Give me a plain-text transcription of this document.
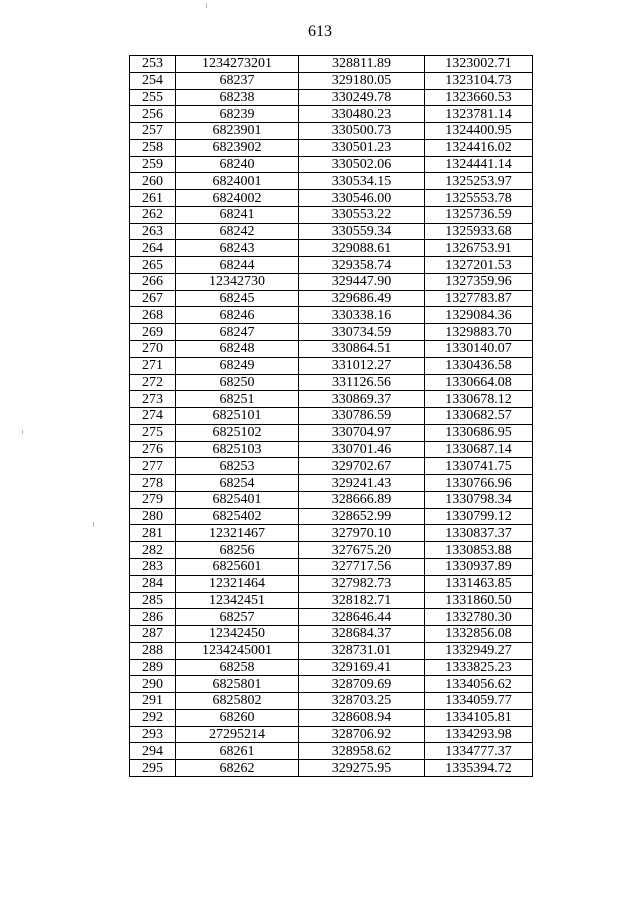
613
253	1234273201	328811.89	1323002.71
254	68237	329180.05	1323104.73
255	68238	330249.78	1323660.53
256	68239	330480.23	1323781.14
257	6823901	330500.73	1324400.95
258	6823902	330501.23	1324416.02
259	68240	330502.06	1324441.14
260	6824001	330534.15	1325253.97
261	6824002	330546.00	1325553.78
262	68241	330553.22	1325736.59
263	68242	330559.34	1325933.68
264	68243	329088.61	1326753.91
265	68244	329358.74	1327201.53
266	12342730	329447.90	1327359.96
267	68245	329686.49	1327783.87
268	68246	330338.16	1329084.36
269	68247	330734.59	1329883.70
270	68248	330864.51	1330140.07
271	68249	331012.27	1330436.58
272	68250	331126.56	1330664.08
273	68251	330869.37	1330678.12
274	6825101	330786.59	1330682.57
275	6825102	330704.97	1330686.95
276	6825103	330701.46	1330687.14
277	68253	329702.67	1330741.75
278	68254	329241.43	1330766.96
279	6825401	328666.89	1330798.34
280	6825402	328652.99	1330799.12
281	12321467	327970.10	1330837.37
282	68256	327675.20	1330853.88
283	6825601	327717.56	1330937.89
284	12321464	327982.73	1331463.85
285	12342451	328182.71	1331860.50
286	68257	328646.44	1332780.30
287	12342450	328684.37	1332856.08
288	1234245001	328731.01	1332949.27
289	68258	329169.41	1333825.23
290	6825801	328709.69	1334056.62
291	6825802	328703.25	1334059.77
292	68260	328608.94	1334105.81
293	27295214	328706.92	1334293.98
294	68261	328958.62	1334777.37
295	68262	329275.95	1335394.72
